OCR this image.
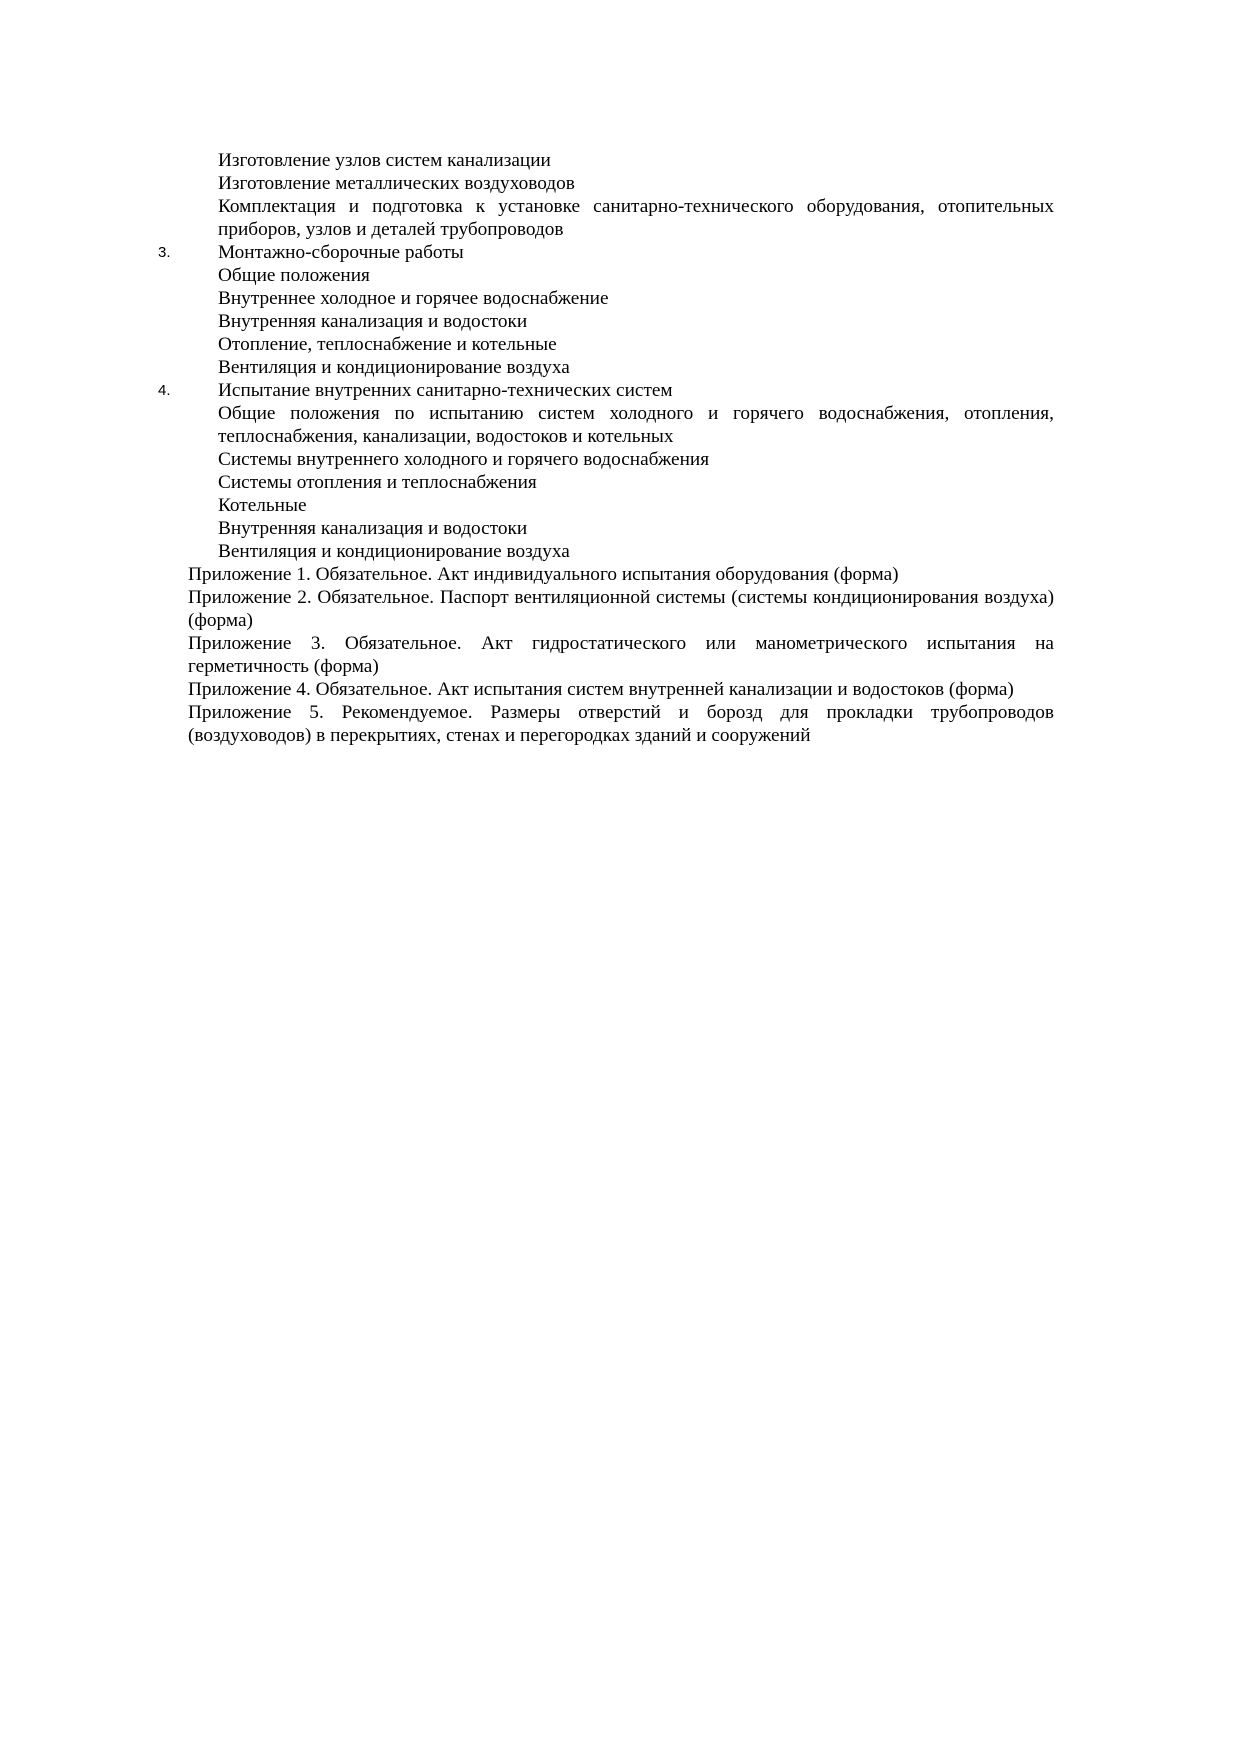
Изготовление узлов систем канализации
Изготовление металлических воздуховодов
Комплектация и подготовка к установке санитарно-технического оборудования, отопительных приборов, узлов и деталей трубопроводов
3.	Монтажно-сборочные работы
Общие положения
Внутреннее холодное и горячее водоснабжение
Внутренняя канализация и водостоки
Отопление, теплоснабжение и котельные
Вентиляция и кондиционирование воздуха
4.	Испытание внутренних санитарно-технических систем
Общие положения по испытанию систем холодного и горячего водоснабжения, отопления, теплоснабжения, канализации, водостоков и котельных
Системы внутреннего холодного и горячего водоснабжения
Системы отопления и теплоснабжения
Котельные
Внутренняя канализация и водостоки
Вентиляция и кондиционирование воздуха
Приложение 1. Обязательное. Акт индивидуального испытания оборудования (форма)
Приложение 2. Обязательное. Паспорт вентиляционной системы (системы кондиционирования воздуха) (форма)
Приложение 3. Обязательное. Акт гидростатического или манометрического испытания на герметичность (форма)
Приложение 4. Обязательное. Акт испытания систем внутренней канализации и водостоков (форма)
Приложение 5. Рекомендуемое. Размеры отверстий и борозд для прокладки трубопроводов (воздуховодов) в перекрытиях, стенах и перегородках зданий и сооружений
